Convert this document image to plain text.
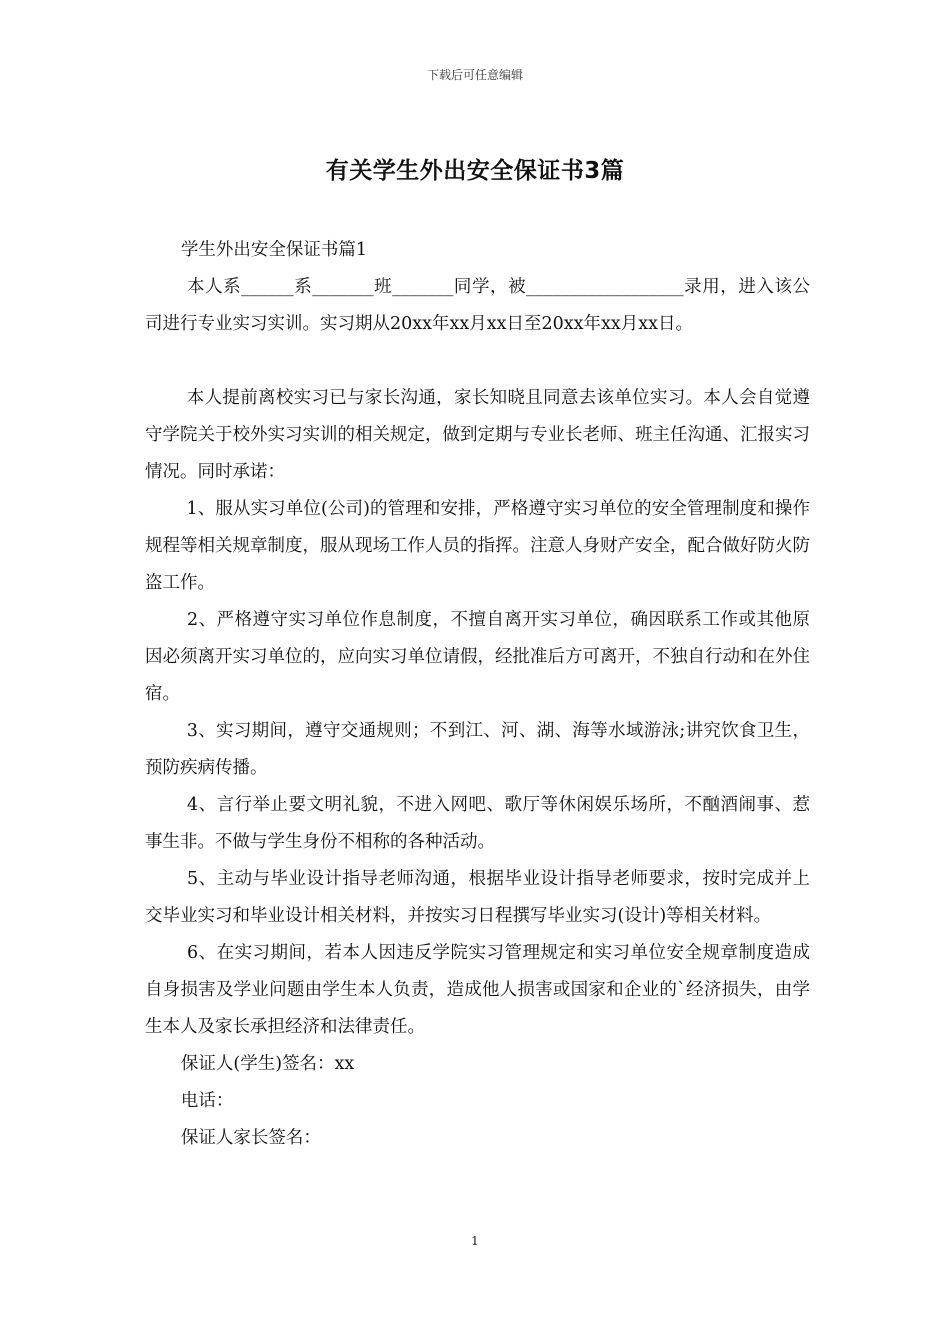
下载后可任意编辑
有关学生外出安全保证书3篇

学生外出安全保证书篇1

本人系______系_______班_______同学，被__________________录用，进入该公司进行专业实习实训。实习期从20xx年xx月xx日至20xx年xx月xx日。

本人提前离校实习已与家长沟通，家长知晓且同意去该单位实习。本人会自觉遵守学院关于校外实习实训的相关规定，做到定期与专业长老师、班主任沟通、汇报实习情况。同时承诺：

1、服从实习单位(公司)的管理和安排，严格遵守实习单位的安全管理制度和操作规程等相关规章制度，服从现场工作人员的指挥。注意人身财产安全，配合做好防火防盗工作。

2、严格遵守实习单位作息制度，不擅自离开实习单位，确因联系工作或其他原因必须离开实习单位的，应向实习单位请假，经批准后方可离开，不独自行动和在外住宿。

3、实习期间，遵守交通规则；不到江、河、湖、海等水域游泳;讲究饮食卫生，预防疾病传播。

4、言行举止要文明礼貌，不进入网吧、歌厅等休闲娱乐场所，不酗酒闹事、惹事生非。不做与学生身份不相称的各种活动。

5、主动与毕业设计指导老师沟通，根据毕业设计指导老师要求，按时完成并上交毕业实习和毕业设计相关材料，并按实习日程撰写毕业实习(设计)等相关材料。

6、在实习期间，若本人因违反学院实习管理规定和实习单位安全规章制度造成自身损害及学业问题由学生本人负责，造成他人损害或国家和企业的`经济损失，由学生本人及家长承担经济和法律责任。

保证人(学生)签名：xx

电话：

保证人家长签名：

1
